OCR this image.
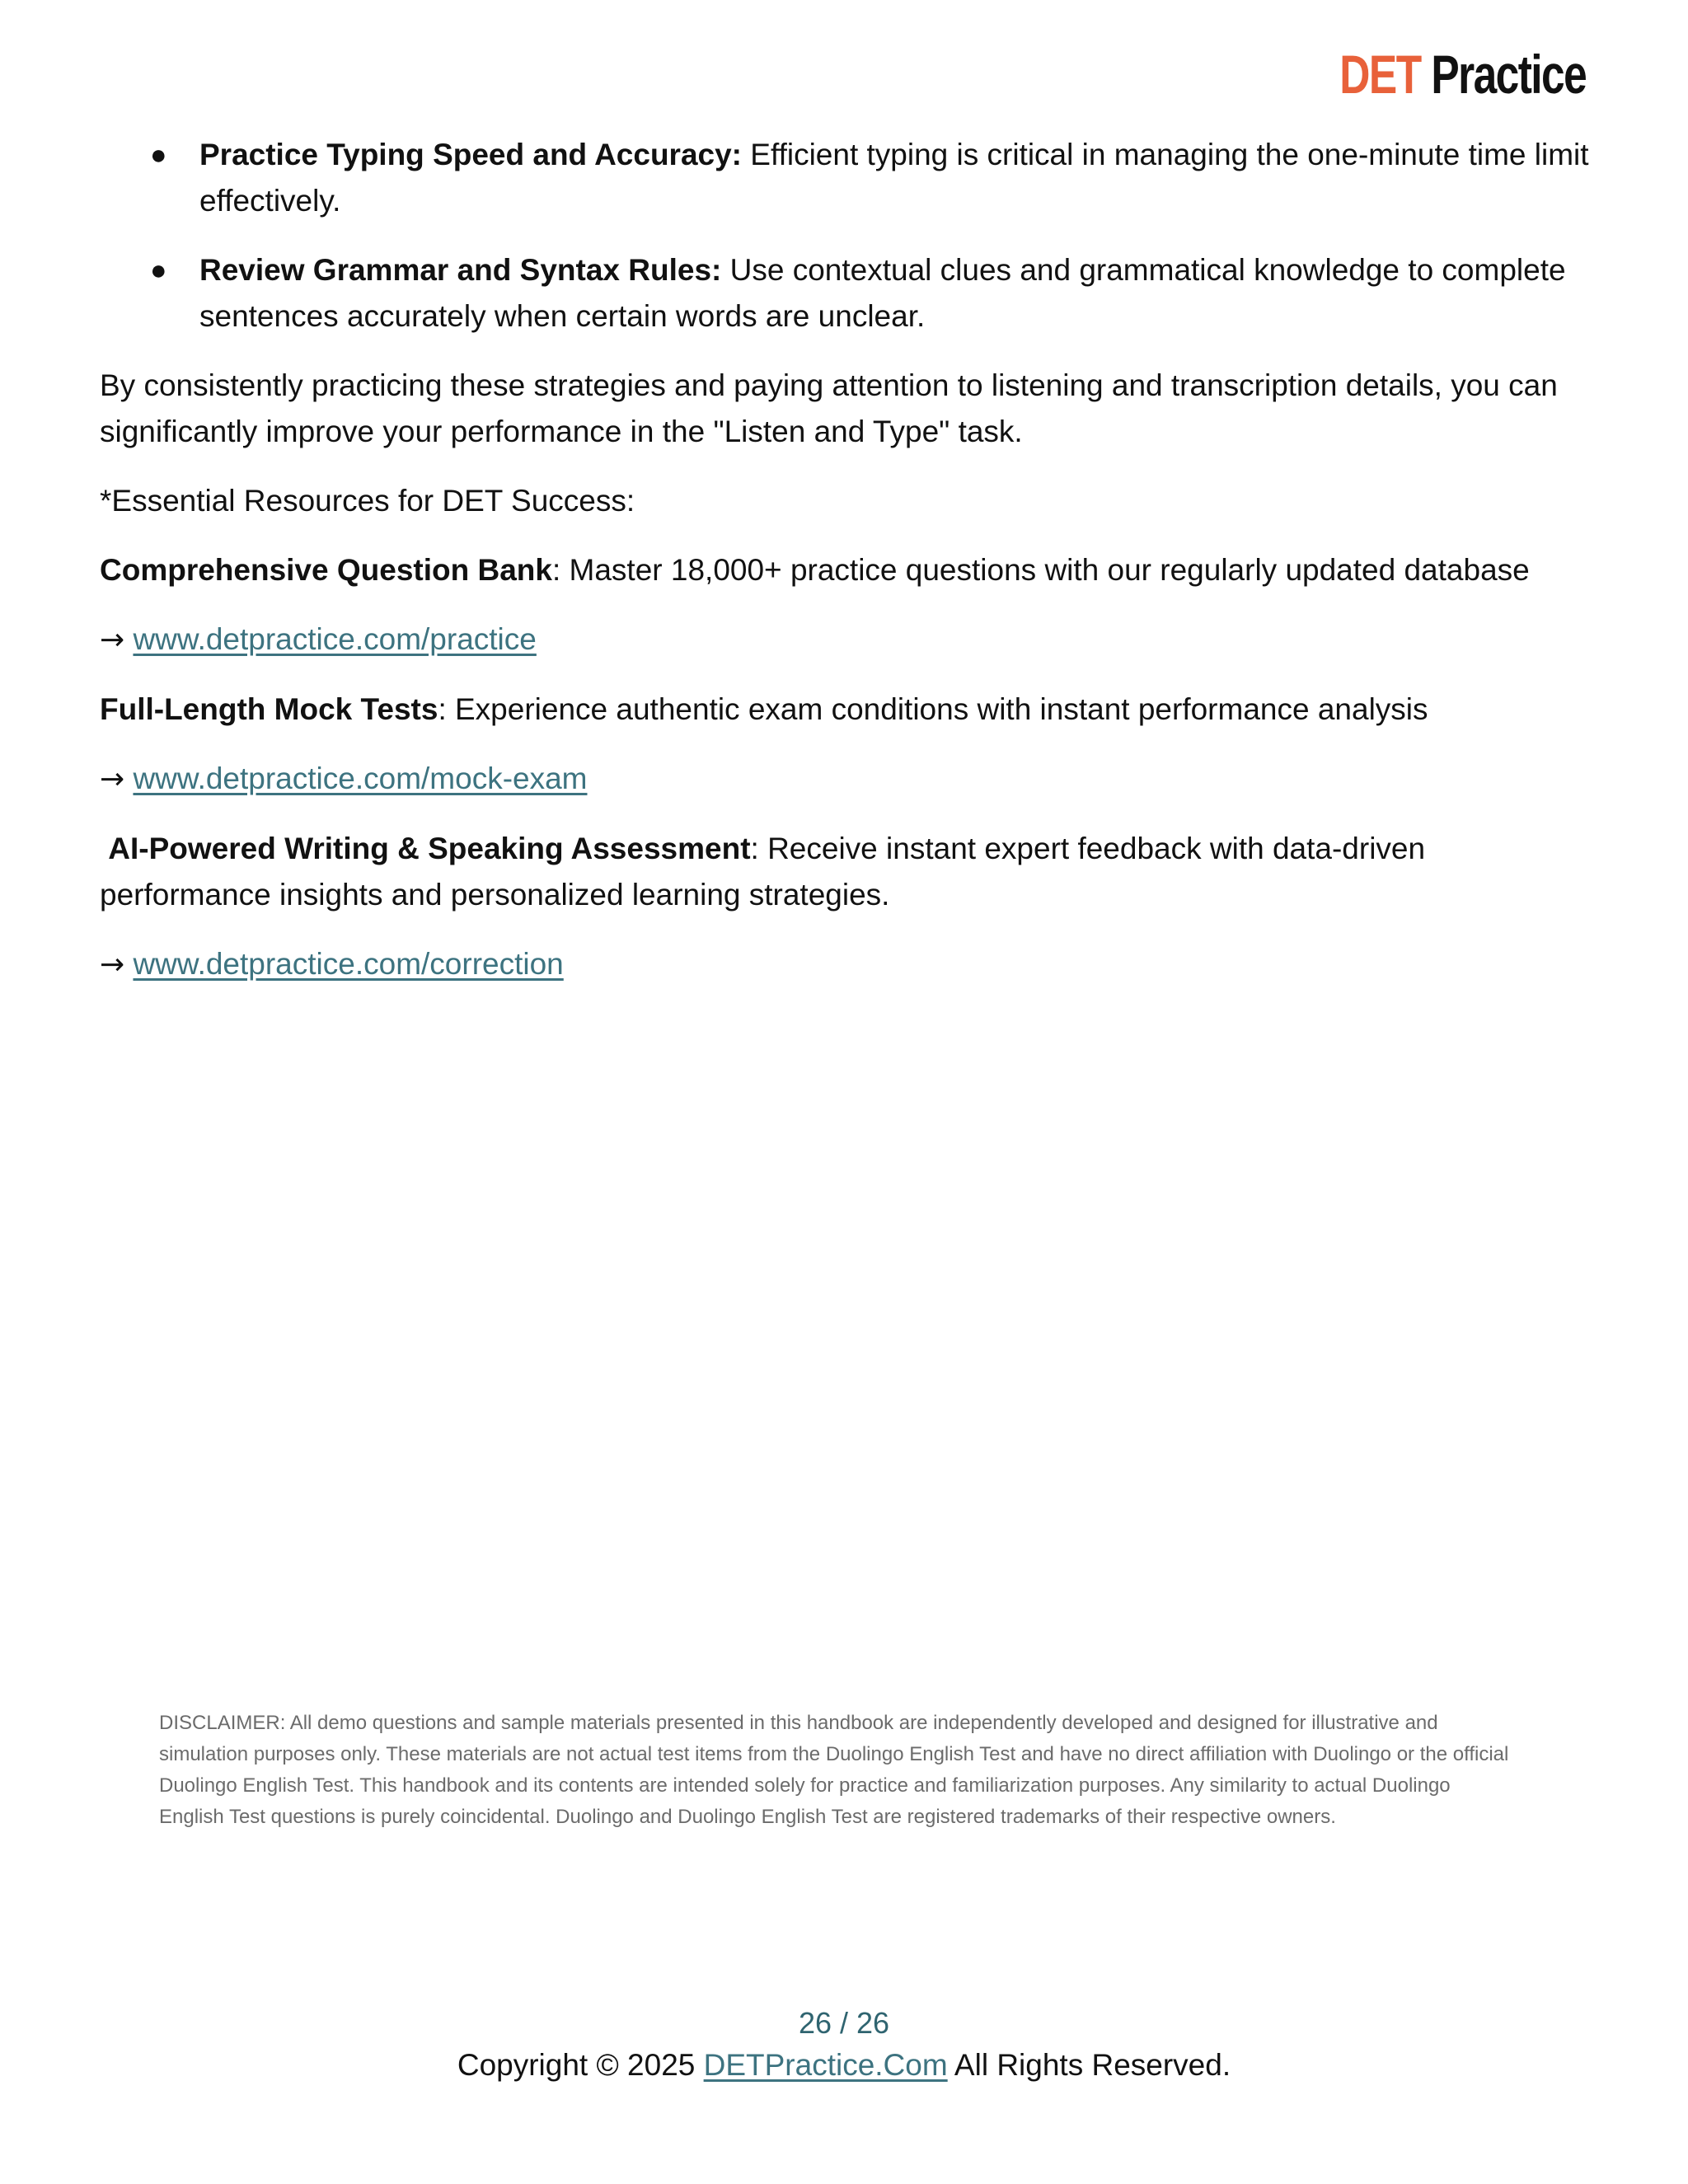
DET Practice
● Practice Typing Speed and Accuracy: Efficient typing is critical in managing the one-minute time limit effectively.
● Review Grammar and Syntax Rules: Use contextual clues and grammatical knowledge to complete sentences accurately when certain words are unclear.

By consistently practicing these strategies and paying attention to listening and transcription details, you can significantly improve your performance in the "Listen and Type" task.

*Essential Resources for DET Success:

Comprehensive Question Bank: Master 18,000+ practice questions with our regularly updated database

→ www.detpractice.com/practice

Full-Length Mock Tests: Experience authentic exam conditions with instant performance analysis

→ www.detpractice.com/mock-exam

AI-Powered Writing & Speaking Assessment: Receive instant expert feedback with data-driven performance insights and personalized learning strategies.

→ www.detpractice.com/correction

DISCLAIMER: All demo questions and sample materials presented in this handbook are independently developed and designed for illustrative and simulation purposes only. These materials are not actual test items from the Duolingo English Test and have no direct affiliation with Duolingo or the official Duolingo English Test. This handbook and its contents are intended solely for practice and familiarization purposes. Any similarity to actual Duolingo English Test questions is purely coincidental. Duolingo and Duolingo English Test are registered trademarks of their respective owners.
26 / 26
Copyright © 2025 DETPractice.Com All Rights Reserved.
